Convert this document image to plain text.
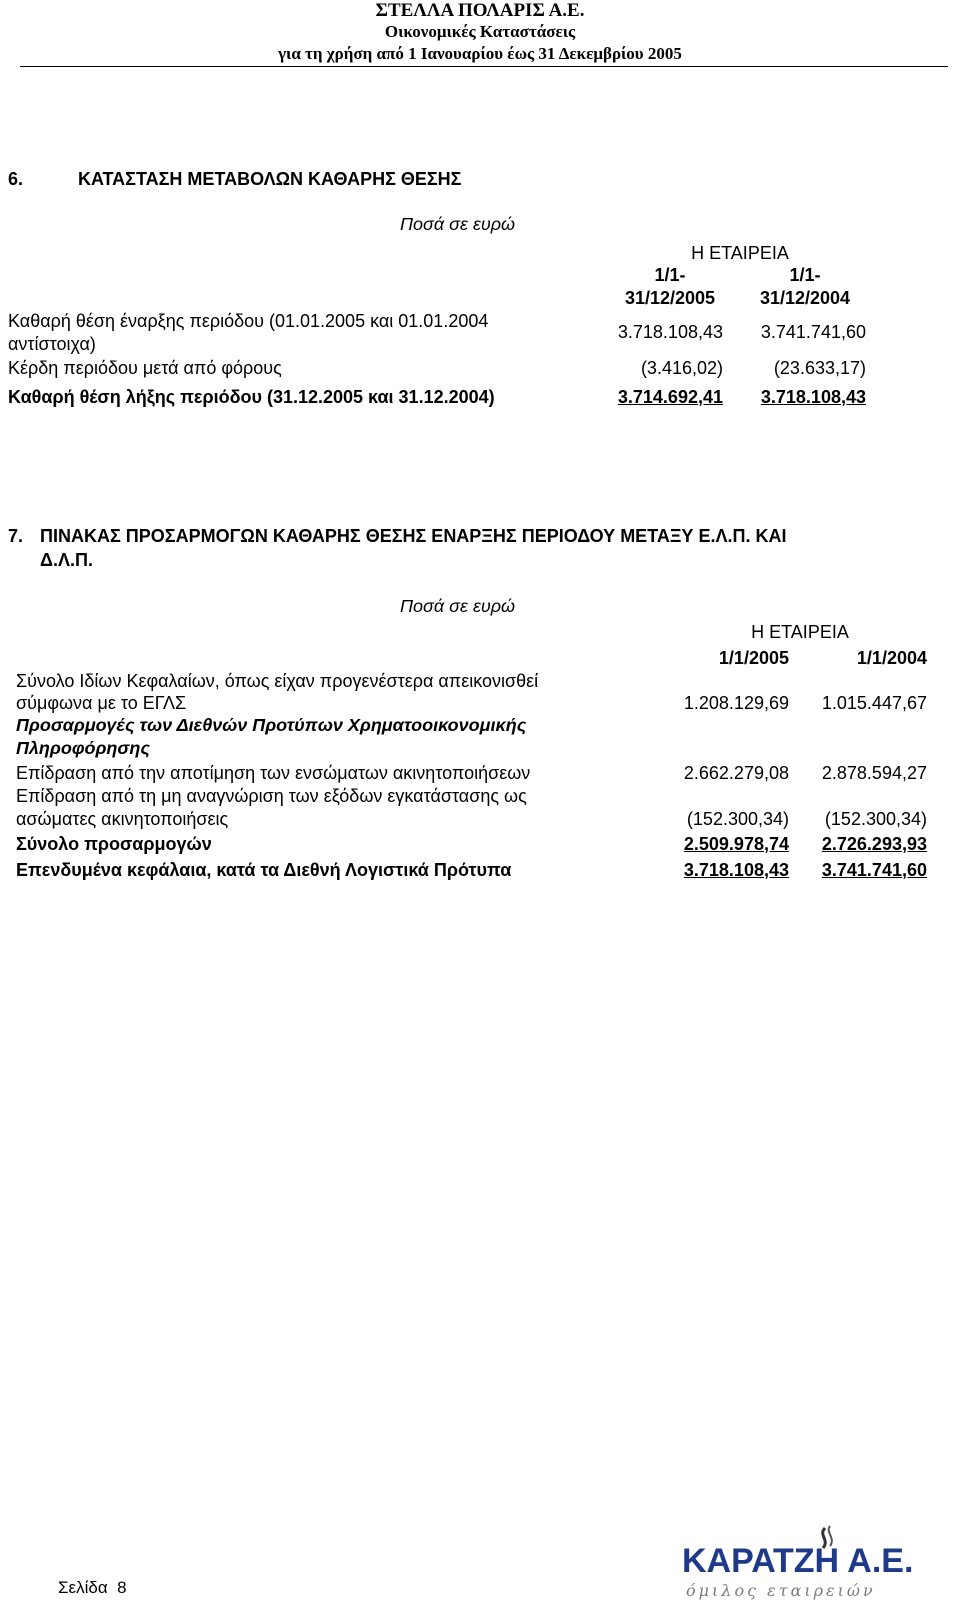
ΣΤΕΛΛΑ ΠΟΛΑΡΙΣ Α.Ε.
Οικονομικές Καταστάσεις
για τη χρήση από 1 Ιανουαρίου έως 31 Δεκεμβρίου 2005
6.	ΚΑΤΑΣΤΑΣΗ ΜΕΤΑΒΟΛΩΝ ΚΑΘΑΡΗΣ ΘΕΣΗΣ
Ποσά σε ευρώ
Η ΕΤΑΙΡΕΙΑ
1/1-
31/12/2005
1/1-
31/12/2004
Καθαρή θέση έναρξης περιόδου (01.01.2005 και 01.01.2004
αντίστοιχα)
3.718.108,43	3.741.741,60
Κέρδη περιόδου μετά από φόρους	(3.416,02)	(23.633,17)
Καθαρή θέση λήξης περιόδου (31.12.2005 και 31.12.2004)	3.714.692,41	3.718.108,43
7. ΠΙΝΑΚΑΣ ΠΡΟΣΑΡΜΟΓΩΝ ΚΑΘΑΡΗΣ ΘΕΣΗΣ ΕΝΑΡΞΗΣ ΠΕΡΙΟΔΟΥ ΜΕΤΑΞΥ Ε.Λ.Π. ΚΑΙ
Δ.Λ.Π.
Ποσά σε ευρώ
Η ΕΤΑΙΡΕΙΑ
1/1/2005	1/1/2004
Σύνολο Ιδίων Κεφαλαίων, όπως είχαν προγενέστερα απεικονισθεί
σύμφωνα με το ΕΓΛΣ	1.208.129,69	1.015.447,67
Προσαρμογές των Διεθνών Προτύπων Χρηματοοικονομικής
Πληροφόρησης
Επίδραση από την αποτίμηση των ενσώματων ακινητοποιήσεων	2.662.279,08	2.878.594,27
Επίδραση από τη μη αναγνώριση των εξόδων εγκατάστασης ως
ασώματες ακινητοποιήσεις	(152.300,34)	(152.300,34)
Σύνολο προσαρμογών	2.509.978,74	2.726.293,93
Επενδυμένα κεφάλαια, κατά τα Διεθνή Λογιστικά Πρότυπα	3.718.108,43	3.741.741,60
Σελίδα  8
ΚΑΡΑΤΖΗ Α.Ε.
όμιλος εταιρειών
